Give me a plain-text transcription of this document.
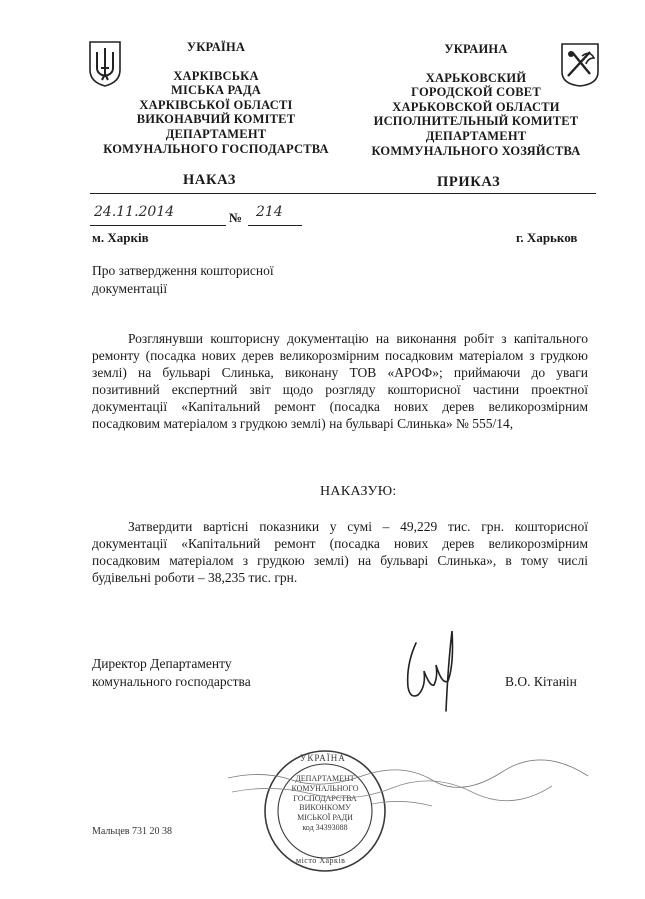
УКРАЇНА
ХАРКІВСЬКА
МІСЬКА РАДА
ХАРКІВСЬКОЇ ОБЛАСТІ
ВИКОНАВЧИЙ КОМІТЕТ
ДЕПАРТАМЕНТ
КОМУНАЛЬНОГО ГОСПОДАРСТВА
УКРАИНА
ХАРЬКОВСКИЙ
ГОРОДСКОЙ СОВЕТ
ХАРЬКОВСКОЙ ОБЛАСТИ
ИСПОЛНИТЕЛЬНЫЙ КОМИТЕТ
ДЕПАРТАМЕНТ
КОММУНАЛЬНОГО ХОЗЯЙСТВА
НАКАЗ	ПРИКАЗ
24.11.2014	№ 214
м. Харків	г. Харьков
Про затвердження кошторисної
документації
Розглянувши кошторисну документацію на виконання робіт з капітального ремонту (посадка нових дерев великорозмірним посадковим матеріалом з грудкою землі) на бульварі Слинька, виконану ТОВ «АРОФ»; приймаючи до уваги позитивний експертний звіт щодо розгляду кошторисної частини проектної документації «Капітальний ремонт (посадка нових дерев великорозмірним посадковим матеріалом з грудкою землі) на бульварі Слинька» № 555/14,
НАКАЗУЮ:
Затвердити вартісні показники у сумі – 49,229 тис. грн. кошторисної документації «Капітальний ремонт (посадка нових дерев великорозмірним посадковим матеріалом з грудкою землі) на бульварі Слинька», в тому числі будівельні роботи – 38,235 тис. грн.
Директор Департаменту
комунального господарства	В.О. Кітанін
УКРАЇНА
ДЕПАРТАМЕНТ
КОМУНАЛЬНОГО
ГОСПОДАРСТВА
ВИКОНКОМУ
МІСЬКОЇ РАДИ
код 34393088
місто Харків
Мальцев 731 20 38
